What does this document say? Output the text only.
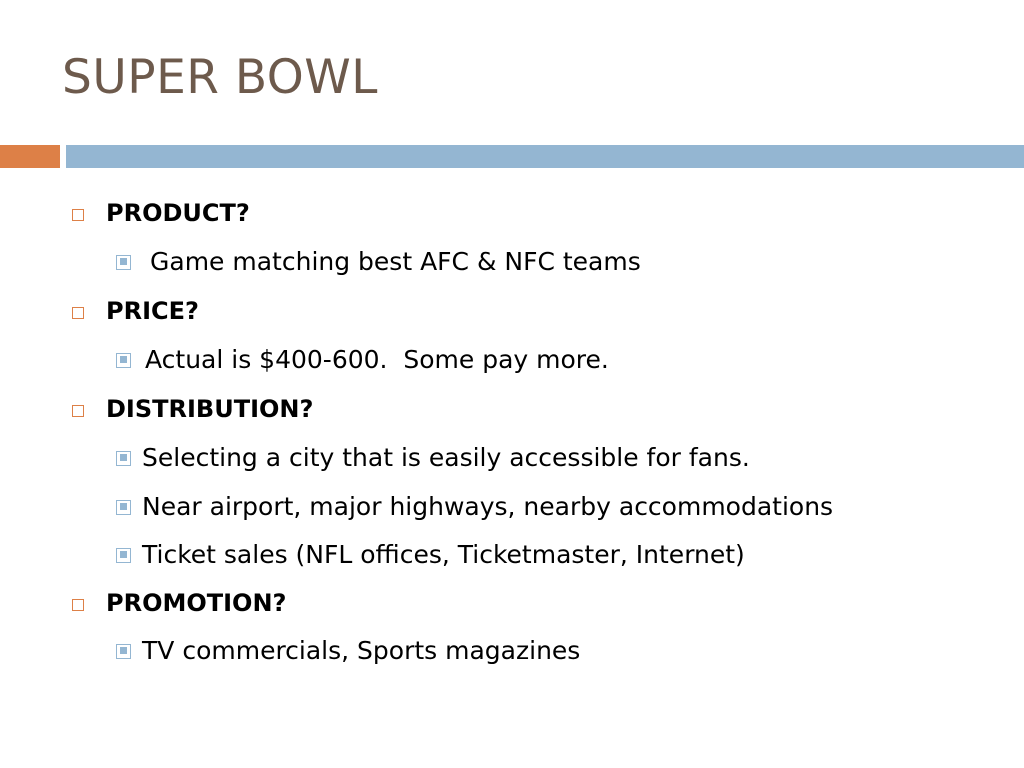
SUPER BOWL
PRODUCT?
Game matching best AFC & NFC teams
PRICE?
Actual is $400-600.  Some pay more.
DISTRIBUTION?
Selecting a city that is easily accessible for fans.
Near airport, major highways, nearby accommodations
Ticket sales (NFL offices, Ticketmaster, Internet)
PROMOTION?
TV commercials, Sports magazines
